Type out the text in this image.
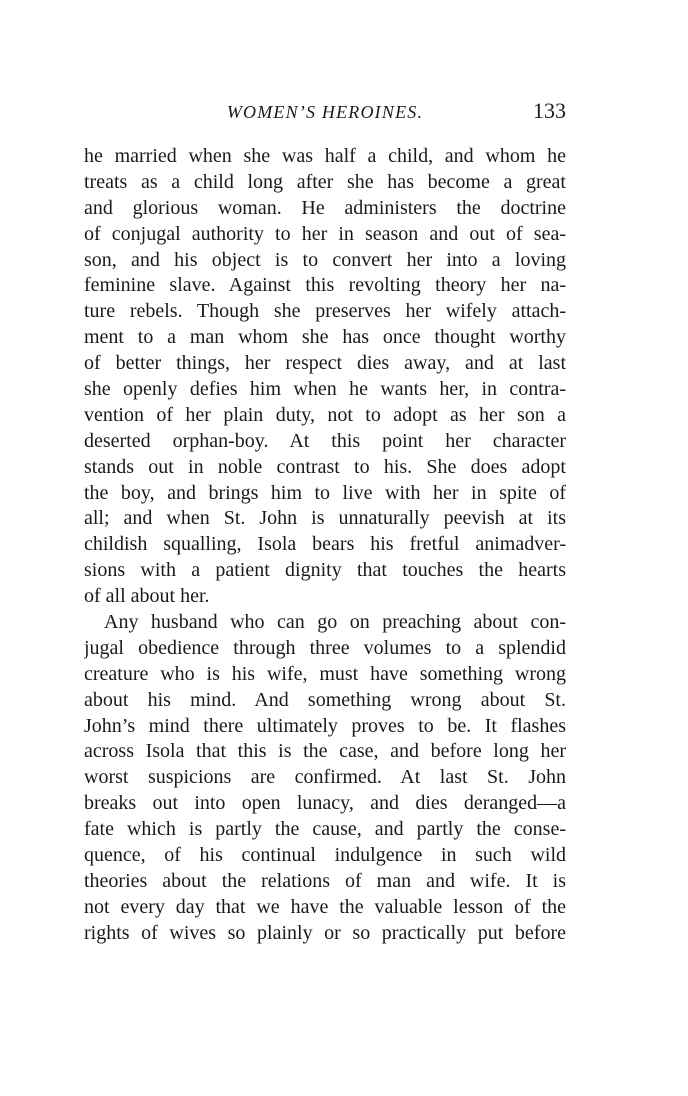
WOMEN’S HEROINES.	133
he married when she was half a child, and whom he
treats as a child long after she has become a great
and glorious woman. He administers the doctrine
of conjugal authority to her in season and out of sea-
son, and his object is to convert her into a loving
feminine slave. Against this revolting theory her na-
ture rebels. Though she preserves her wifely attach-
ment to a man whom she has once thought worthy
of better things, her respect dies away, and at last
she openly defies him when he wants her, in contra-
vention of her plain duty, not to adopt as her son a
deserted orphan-boy. At this point her character
stands out in noble contrast to his. She does adopt
the boy, and brings him to live with her in spite of
all; and when St. John is unnaturally peevish at its
childish squalling, Isola bears his fretful animadver-
sions with a patient dignity that touches the hearts
of all about her.
Any husband who can go on preaching about con-
jugal obedience through three volumes to a splendid
creature who is his wife, must have something wrong
about his mind. And something wrong about St.
John’s mind there ultimately proves to be. It flashes
across Isola that this is the case, and before long her
worst suspicions are confirmed. At last St. John
breaks out into open lunacy, and dies deranged—a
fate which is partly the cause, and partly the conse-
quence, of his continual indulgence in such wild
theories about the relations of man and wife. It is
not every day that we have the valuable lesson of the
rights of wives so plainly or so practically put before
